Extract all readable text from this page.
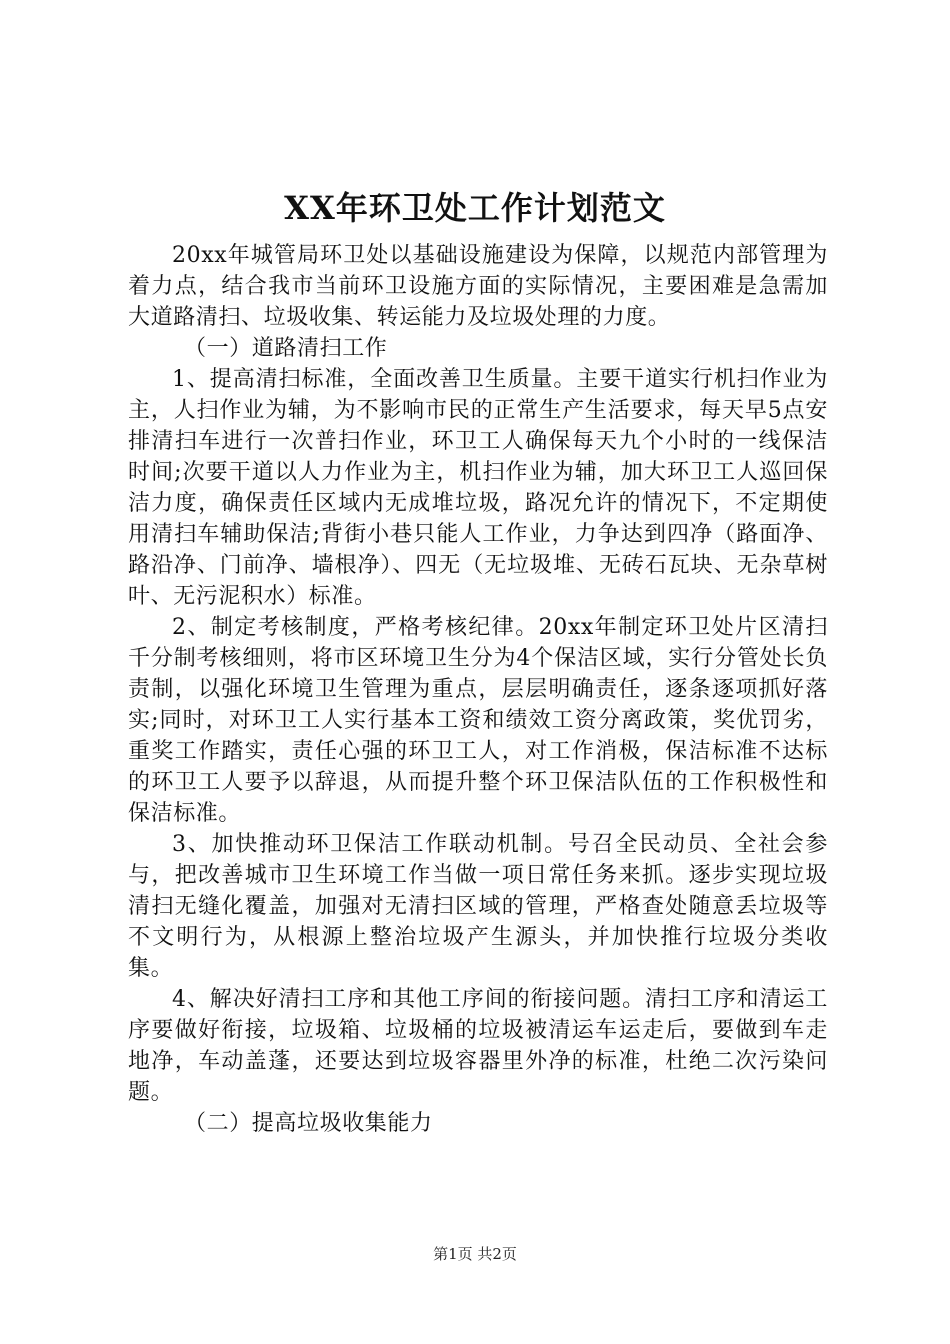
XX年环卫处工作计划范文

20xx年城管局环卫处以基础设施建设为保障，以规范内部管理为着力点，结合我市当前环卫设施方面的实际情况，主要困难是急需加大道路清扫、垃圾收集、转运能力及垃圾处理的力度。

（一）道路清扫工作

1、提高清扫标准，全面改善卫生质量。主要干道实行机扫作业为主，人扫作业为辅，为不影响市民的正常生产生活要求，每天早5点安排清扫车进行一次普扫作业，环卫工人确保每天九个小时的一线保洁时间;次要干道以人力作业为主，机扫作业为辅，加大环卫工人巡回保洁力度，确保责任区域内无成堆垃圾，路况允许的情况下，不定期使用清扫车辅助保洁;背街小巷只能人工作业，力争达到四净（路面净、路沿净、门前净、墙根净）、四无（无垃圾堆、无砖石瓦块、无杂草树叶、无污泥积水）标准。

2、制定考核制度，严格考核纪律。20xx年制定环卫处片区清扫千分制考核细则，将市区环境卫生分为4个保洁区域，实行分管处长负责制，以强化环境卫生管理为重点，层层明确责任，逐条逐项抓好落实;同时，对环卫工人实行基本工资和绩效工资分离政策，奖优罚劣，重奖工作踏实，责任心强的环卫工人，对工作消极，保洁标准不达标的环卫工人要予以辞退，从而提升整个环卫保洁队伍的工作积极性和保洁标准。

3、加快推动环卫保洁工作联动机制。号召全民动员、全社会参与，把改善城市卫生环境工作当做一项日常任务来抓。逐步实现垃圾清扫无缝化覆盖，加强对无清扫区域的管理，严格查处随意丢垃圾等不文明行为，从根源上整治垃圾产生源头，并加快推行垃圾分类收集。

4、解决好清扫工序和其他工序间的衔接问题。清扫工序和清运工序要做好衔接，垃圾箱、垃圾桶的垃圾被清运车运走后，要做到车走地净，车动盖蓬，还要达到垃圾容器里外净的标准，杜绝二次污染问题。

（二）提高垃圾收集能力

第1页 共2页
